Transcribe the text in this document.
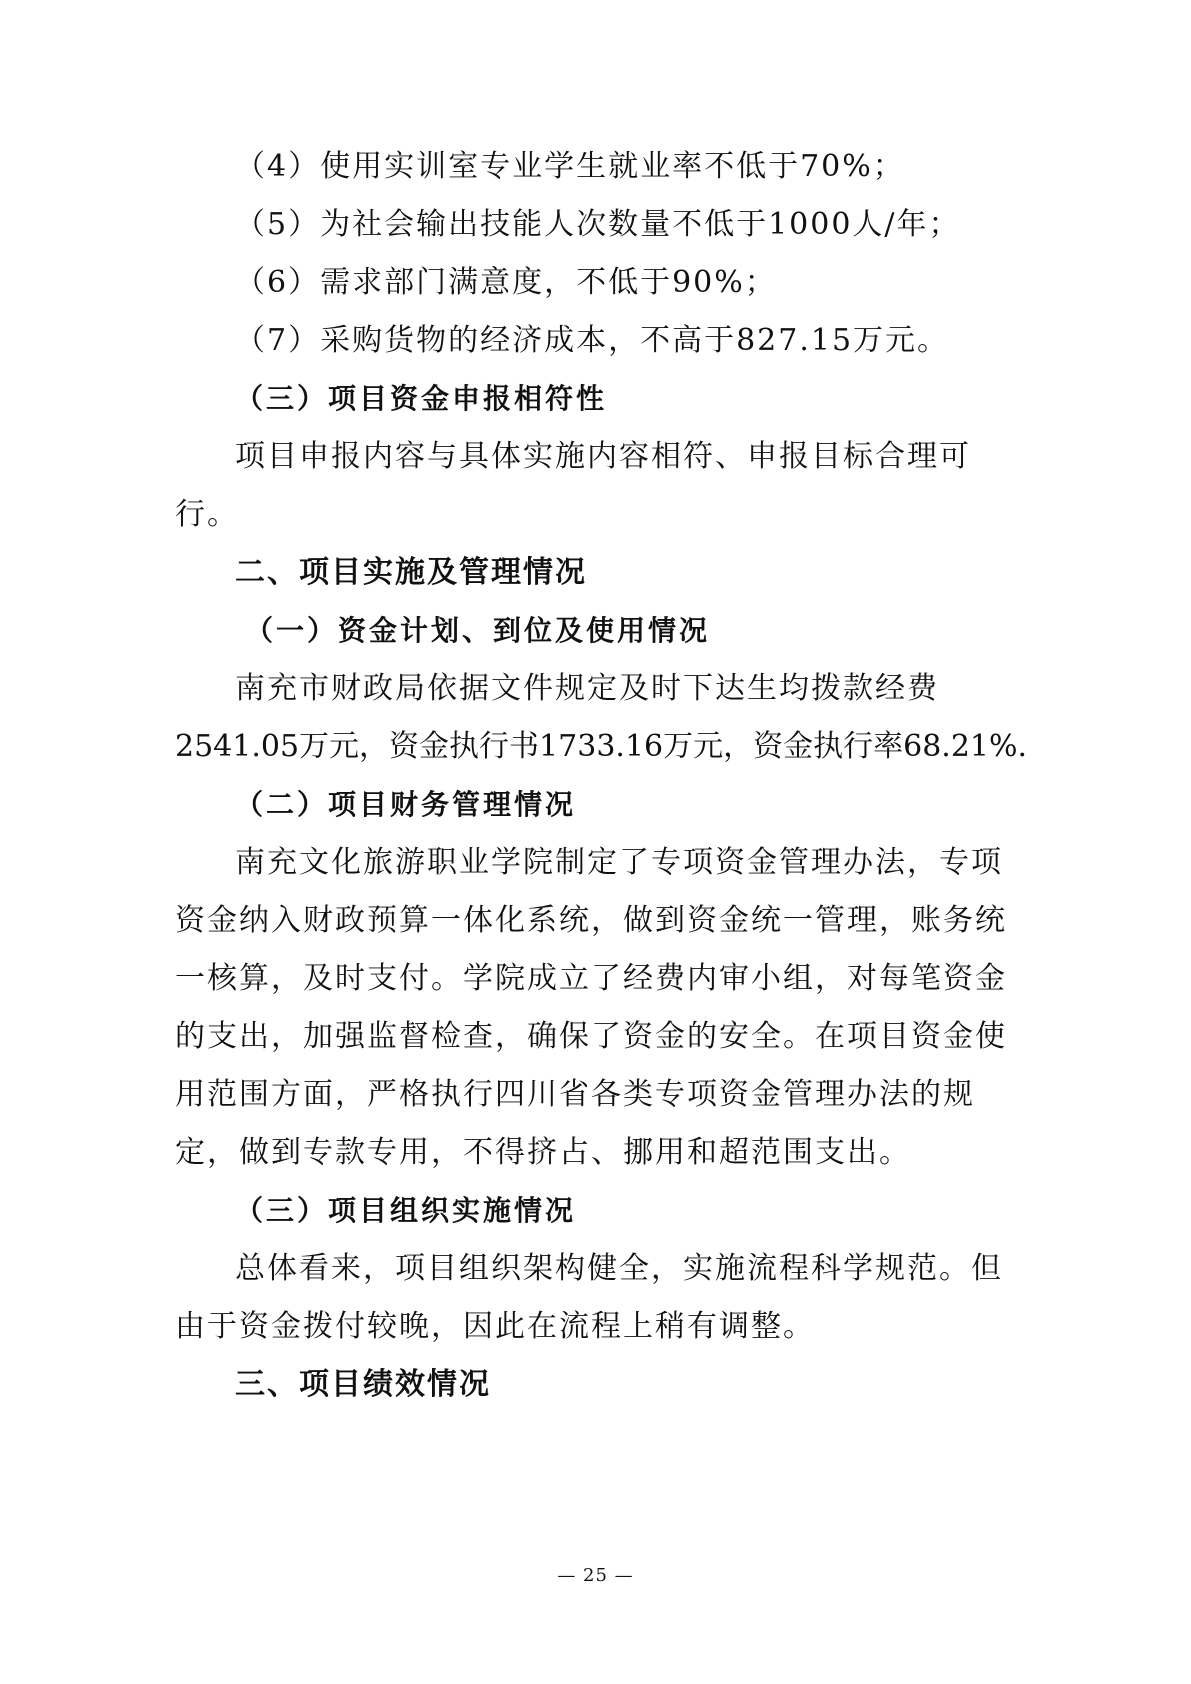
（4）使用实训室专业学生就业率不低于70%；
（5）为社会输出技能人次数量不低于1000人/年；
（6）需求部门满意度，不低于90%；
（7）采购货物的经济成本，不高于827.15万元。
（三）项目资金申报相符性
项目申报内容与具体实施内容相符、申报目标合理可
行。
二、项目实施及管理情况
（一）资金计划、到位及使用情况
南充市财政局依据文件规定及时下达生均拨款经费
2541.05万元，资金执行书1733.16万元，资金执行率68.21%.
（二）项目财务管理情况
南充文化旅游职业学院制定了专项资金管理办法，专项
资金纳入财政预算一体化系统，做到资金统一管理，账务统
一核算，及时支付。学院成立了经费内审小组，对每笔资金
的支出，加强监督检查，确保了资金的安全。在项目资金使
用范围方面，严格执行四川省各类专项资金管理办法的规
定，做到专款专用，不得挤占、挪用和超范围支出。
（三）项目组织实施情况
总体看来，项目组织架构健全，实施流程科学规范。但
由于资金拨付较晚，因此在流程上稍有调整。
三、项目绩效情况
— 25 —
